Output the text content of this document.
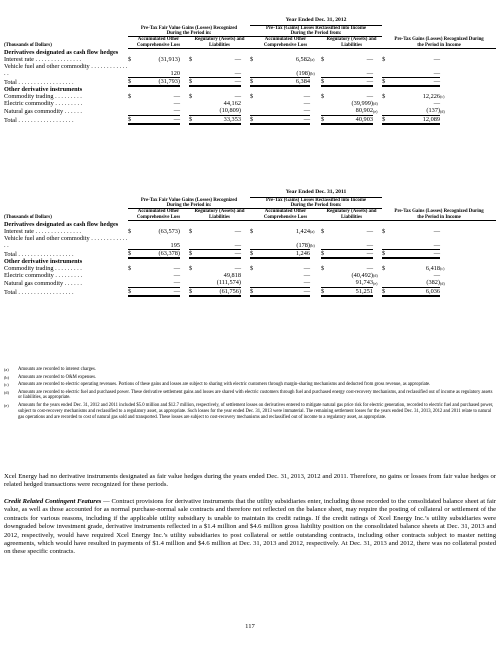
							Year Ended Dec. 31, 2012								
	Pre-Tax Fair Value Gains (Losses) Recognized During the Period in:						Pre-Tax (Gains) Losses Reclassified into Income During the Period from:						Pre-Tax Gains (Losses) Recognized During the Period in Income		
(Thousands of Dollars)	Accumulated Other Comprehensive Loss			Regulatory (Assets) and Liabilities			Accumulated Other Comprehensive Loss			Regulatory (Assets) and Liabilities					
Derivatives designated as cash flow hedges															
Interest rate . . . . . . . . . . . . . . .	$	(31,913)		$	—		$	6,582	(a)	$	—		$	—	
Vehicle fuel and other commodity . . . . . . . . . . . . . .		120			—			(198)	(b)		—			—	
Total . . . . . . . . . . . . . . . . . .	$	(31,793)		$	—		$	6,384		$	—		$	—	
Other derivative instruments															
Commodity trading . . . . . . . . .	$	—		$	—		$	—		$	—		$	12,226	(c)
Electric commodity . . . . . . . . .		—			44,162			—			(39,999)	(d)		—	
Natural gas commodity . . . . . .		—			(10,809)			—			80,902	(e)		(137)	(d)
Total . . . . . . . . . . . . . . . . . .	$	—		$	33,353		$	—		$	40,903		$	12,089	
							Year Ended Dec. 31, 2011								
	Pre-Tax Fair Value Gains (Losses) Recognized During the Period in:						Pre-Tax (Gains) Losses Reclassified into Income During the Period from:						Pre-Tax Gains (Losses) Recognized During the Period in Income		
(Thousands of Dollars)	Accumulated Other Comprehensive Loss			Regulatory (Assets) and Liabilities			Accumulated Other Comprehensive Loss			Regulatory (Assets) and Liabilities					
Derivatives designated as cash flow hedges															
Interest rate . . . . . . . . . . . . . . .	$	(63,573)		$	—		$	1,424	(a)	$	—		$	—	
Vehicle fuel and other commodity . . . . . . . . . . . . . .		195			—			(178)	(b)		—			—	
Total . . . . . . . . . . . . . . . . . .	$	(63,378)		$	—		$	1,246		$	—		$	—	
Other derivative instruments															
Commodity trading . . . . . . . . .	$	—		$	—		$	—		$	—		$	6,418	(c)
Electric commodity . . . . . . . . .		—			49,818			—			(40,492)	(d)		—	
Natural gas commodity . . . . . .		—			(111,574)			—			91,743	(e)		(382)	(d)
Total . . . . . . . . . . . . . . . . . .	$	—		$	(61,756)		$	—		$	51,251		$	6,036	
(a)	Amounts are recorded to interest charges.
(b)	Amounts are recorded to O&M expenses.
(c)	Amounts are recorded to electric operating revenues. Portions of these gains and losses are subject to sharing with electric customers through margin-sharing mechanisms and deducted from gross revenue, as appropriate.
(d)	Amounts are recorded to electric fuel and purchased power. These derivative settlement gains and losses are shared with electric customers through fuel and purchased energy cost-recovery mechanisms, and reclassified out of income as regulatory assets or liabilities, as appropriate.
(e)	Amounts for the years ended Dec. 31, 2012 and 2011 included $5.0 million and $12.7 million, respectively, of settlement losses on derivatives entered to mitigate natural gas price risk for electric generation, recorded to electric fuel and purchased power, subject to cost-recovery mechanisms and reclassified to a regulatory asset, as appropriate. Such losses for the year ended Dec. 31, 2013 were immaterial. The remaining settlement losses for the years ended Dec. 31, 2013, 2012 and 2011 relate to natural gas operations and are recorded to cost of natural gas sold and transported. These losses are subject to cost-recovery mechanisms and reclassified out of income to a regulatory asset, as appropriate.
Xcel Energy had no derivative instruments designated as fair value hedges during the years ended Dec. 31, 2013, 2012 and 2011. Therefore, no gains or losses from fair value hedges or related hedged transactions were recognized for these periods.
Credit Related Contingent Features — Contract provisions for derivative instruments that the utility subsidiaries enter, including those recorded to the consolidated balance sheet at fair value, as well as those accounted for as normal purchase-normal sale contracts and therefore not reflected on the balance sheet, may require the posting of collateral or settlement of the contracts for various reasons, including if the applicable utility subsidiary is unable to maintain its credit ratings. If the credit ratings of Xcel Energy Inc.’s utility subsidiaries were downgraded below investment grade, derivative instruments reflected in a $1.4 million and $4.6 million gross liability position on the consolidated balance sheets at Dec. 31, 2013 and 2012, respectively, would have required Xcel Energy Inc.’s utility subsidiaries to post collateral or settle outstanding contracts, including other contracts subject to master netting agreements, which would have resulted in payments of $1.4 million and $4.6 million at Dec. 31, 2013 and 2012, respectively. At Dec. 31, 2013 and 2012, there was no collateral posted on these specific contracts.
117
